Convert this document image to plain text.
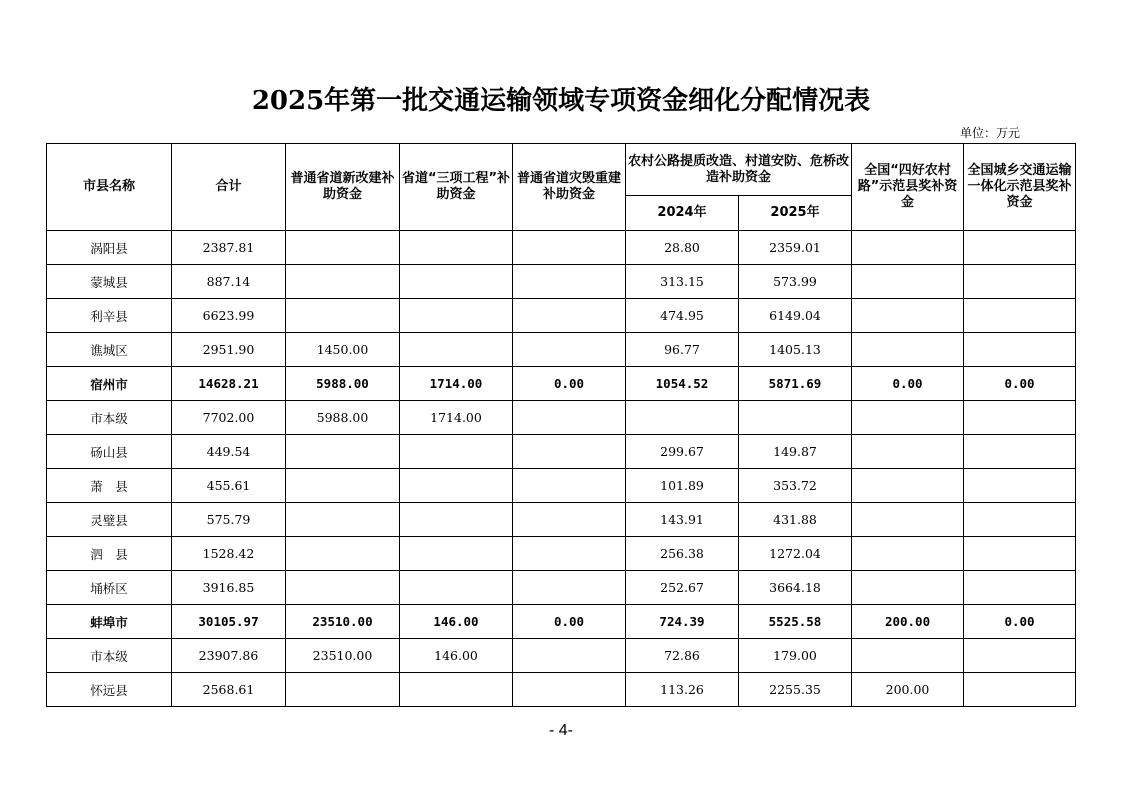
2025年第一批交通运输领域专项资金细化分配情况表
单位：万元
市县名称	合计	普通省道新改建补助资金	省道“三项工程”补助资金	普通省道灾毁重建补助资金	农村公路提质改造、村道安防、危桥改造补助资金		全国“四好农村路”示范县奖补资金	全国城乡交通运输一体化示范县奖补资金
					2024年	2025年		
涡阳县	2387.81				28.80	2359.01		
蒙城县	887.14				313.15	573.99		
利辛县	6623.99				474.95	6149.04		
谯城区	2951.90	1450.00			96.77	1405.13		
宿州市	14628.21	5988.00	1714.00	0.00	1054.52	5871.69	0.00	0.00
市本级	7702.00	5988.00	1714.00					
砀山县	449.54				299.67	149.87		
萧　县	455.61				101.89	353.72		
灵璧县	575.79				143.91	431.88		
泗　县	1528.42				256.38	1272.04		
埇桥区	3916.85				252.67	3664.18		
蚌埠市	30105.97	23510.00	146.00	0.00	724.39	5525.58	200.00	0.00
市本级	23907.86	23510.00	146.00		72.86	179.00		
怀远县	2568.61				113.26	2255.35	200.00	
- 4-
